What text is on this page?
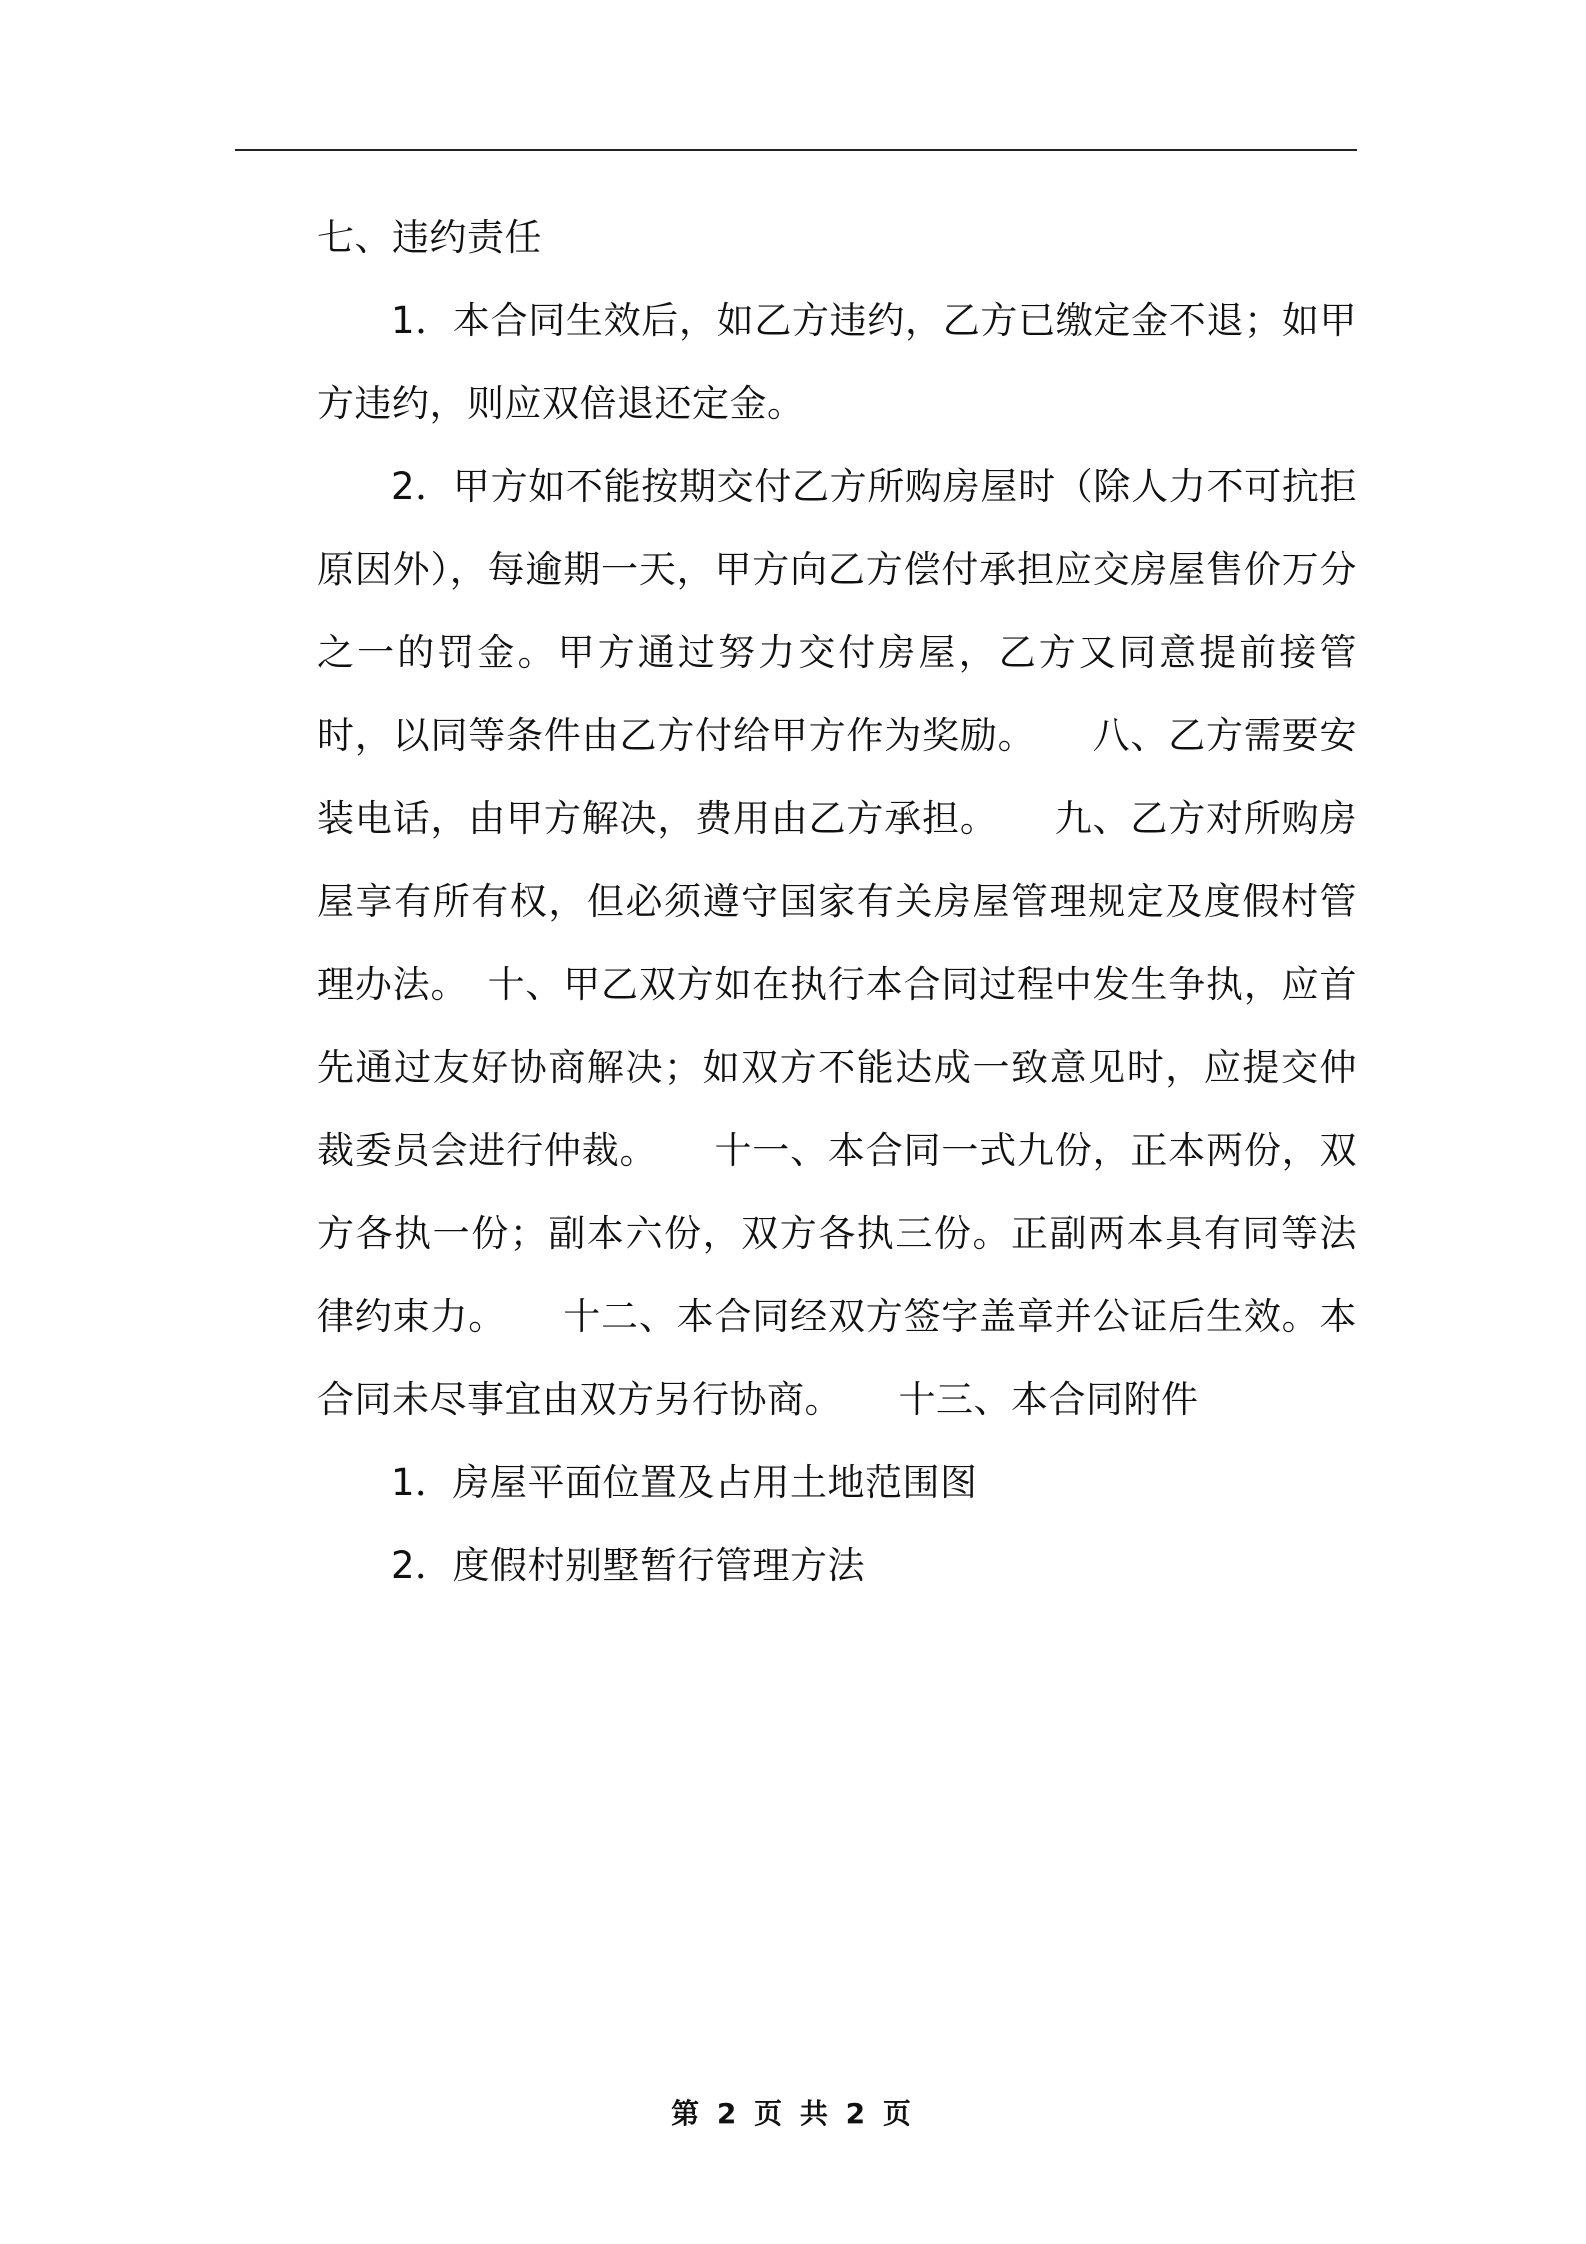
七、违约责任

1．本合同生效后，如乙方违约，乙方已缴定金不退；如甲方违约，则应双倍退还定金。

2．甲方如不能按期交付乙方所购房屋时（除人力不可抗拒原因外），每逾期一天，甲方向乙方偿付承担应交房屋售价万分之一的罚金。甲方通过努力交付房屋，乙方又同意提前接管时，以同等条件由乙方付给甲方作为奖励。　　八、乙方需要安装电话，由甲方解决，费用由乙方承担。　　九、乙方对所购房屋享有所有权，但必须遵守国家有关房屋管理规定及度假村管理办法。　十、甲乙双方如在执行本合同过程中发生争执，应首先通过友好协商解决；如双方不能达成一致意见时，应提交仲裁委员会进行仲裁。　　十一、本合同一式九份，正本两份，双方各执一份；副本六份，双方各执三份。正副两本具有同等法律约束力。　　十二、本合同经双方签字盖章并公证后生效。本合同未尽事宜由双方另行协商。　　十三、本合同附件

1．房屋平面位置及占用土地范围图

2．度假村别墅暂行管理方法

第 2 页 共 2 页
